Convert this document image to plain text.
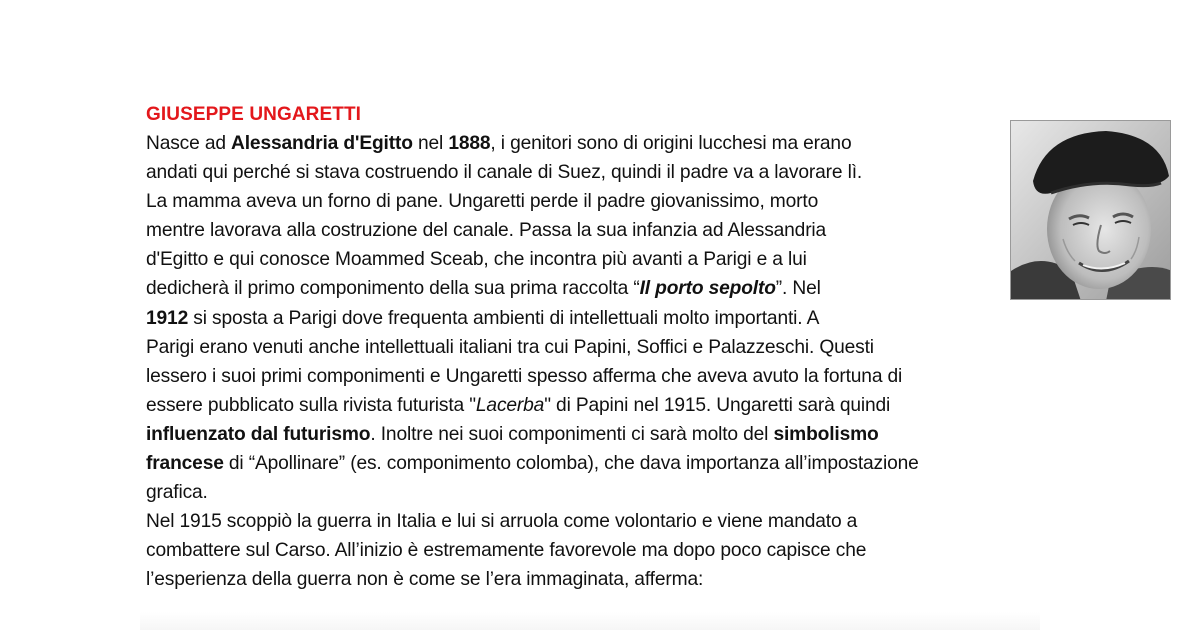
GIUSEPPE UNGARETTI
Nasce ad Alessandria d'Egitto nel 1888, i genitori sono di origini lucchesi ma erano
andati qui perché si stava costruendo il canale di Suez, quindi il padre va a lavorare lì.
La mamma aveva un forno di pane. Ungaretti perde il padre giovanissimo, morto
mentre lavorava alla costruzione del canale. Passa la sua infanzia ad Alessandria
d'Egitto e qui conosce Moammed Sceab, che incontra più avanti a Parigi e a lui
dedicherà il primo componimento della sua prima raccolta “Il porto sepolto”. Nel
1912 si sposta a Parigi dove frequenta ambienti di intellettuali molto importanti. A
Parigi erano venuti anche intellettuali italiani tra cui Papini, Soffici e Palazzeschi. Questi
lessero i suoi primi componimenti e Ungaretti spesso afferma che aveva avuto la fortuna di
essere pubblicato sulla rivista futurista "Lacerba" di Papini nel 1915. Ungaretti sarà quindi
influenzato dal futurismo. Inoltre nei suoi componimenti ci sarà molto del simbolismo
francese di “Apollinare” (es. componimento colomba), che dava importanza all’impostazione
grafica.
Nel 1915 scoppiò la guerra in Italia e lui si arruola come volontario e viene mandato a
combattere sul Carso. All’inizio è estremamente favorevole ma dopo poco capisce che
l’esperienza della guerra non è come se l’era immaginata, afferma:
